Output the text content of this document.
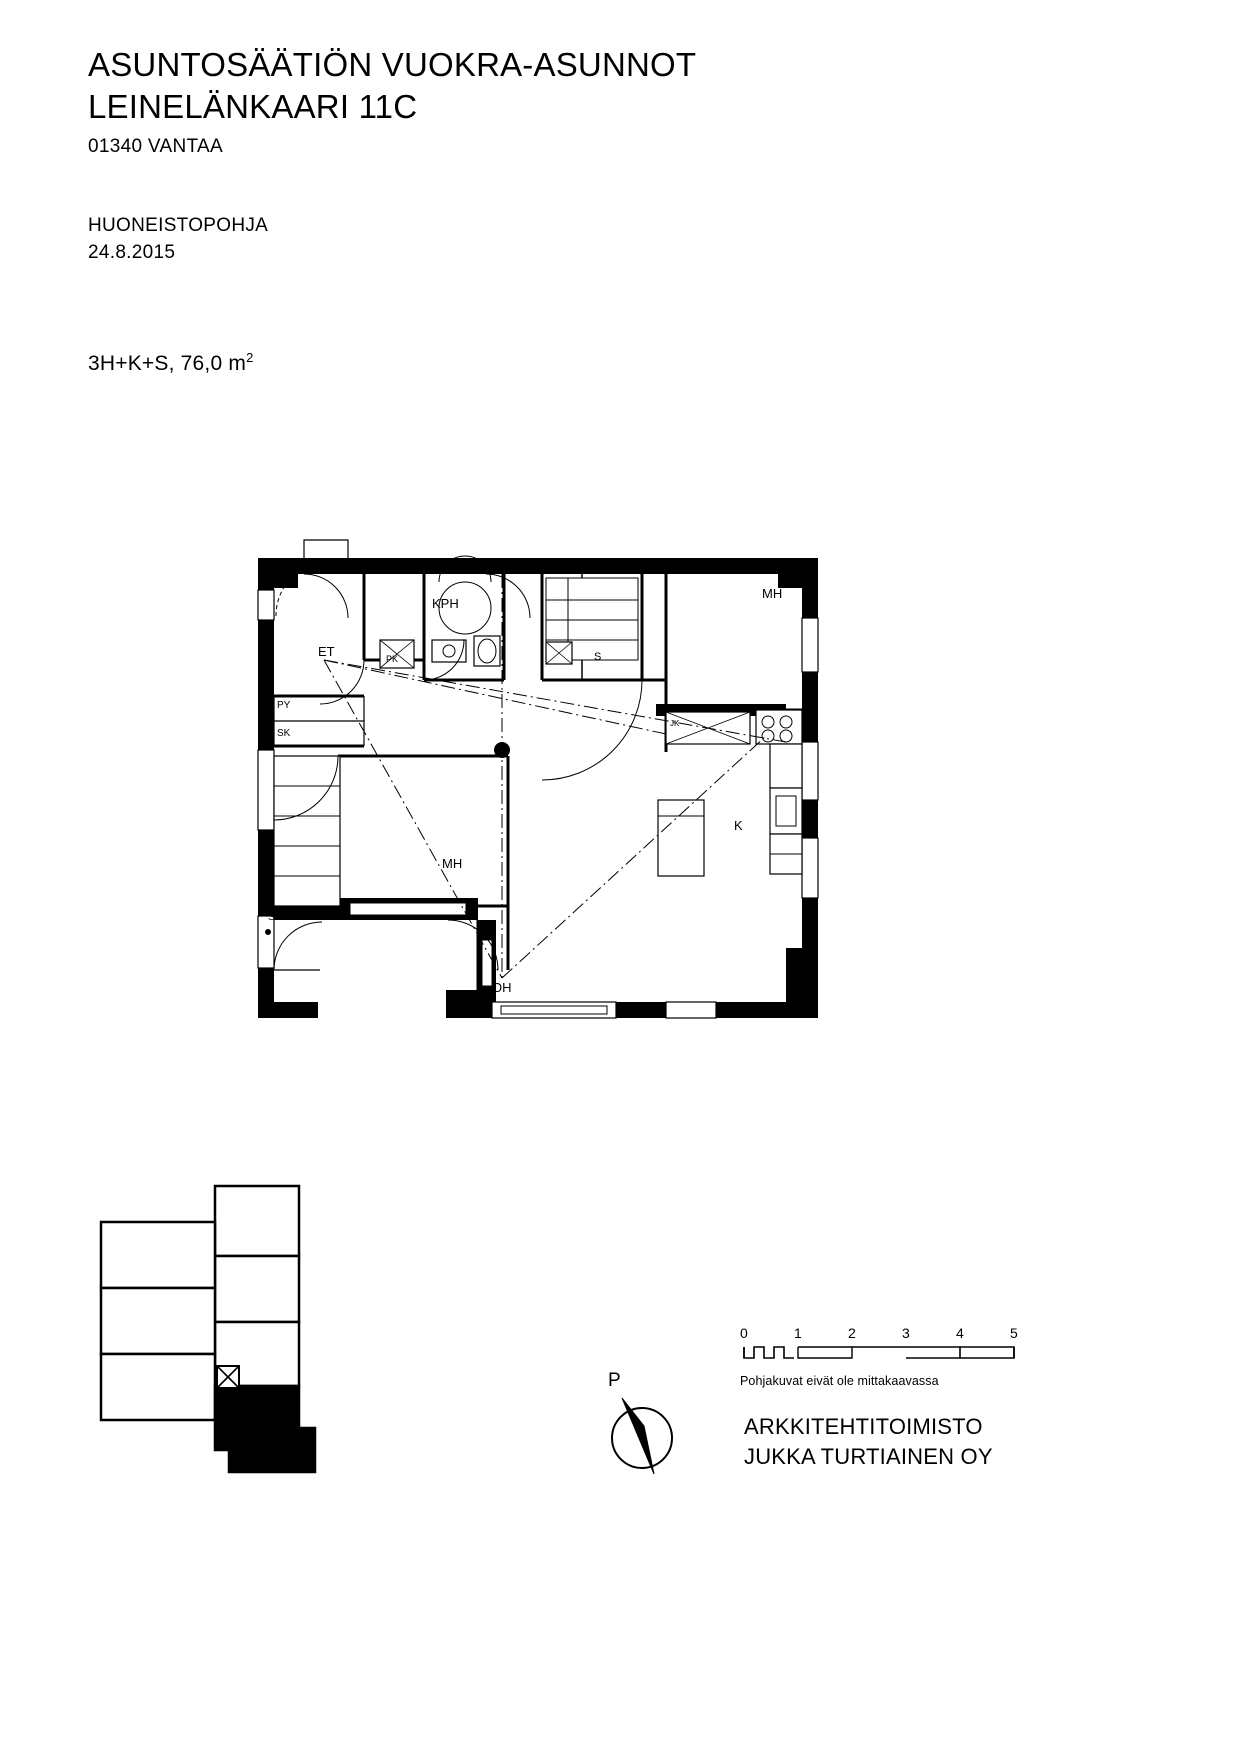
ASUNTOSÄÄTIÖN VUOKRA-ASUNNOT
LEINELÄNKAARI 11C
01340 VANTAA
HUONEISTOPOHJA
24.8.2015

3H+K+S, 76,0 $m^2$
KPH
ET	PK	S
MH
PY
SK
JK
K
MH
ST
OH
0	1	2	3	4	5
Pohjakuvat eivät ole mittakaavassa
P
ARKKITEHTITOIMISTO
JUKKA TURTIAINEN OY
